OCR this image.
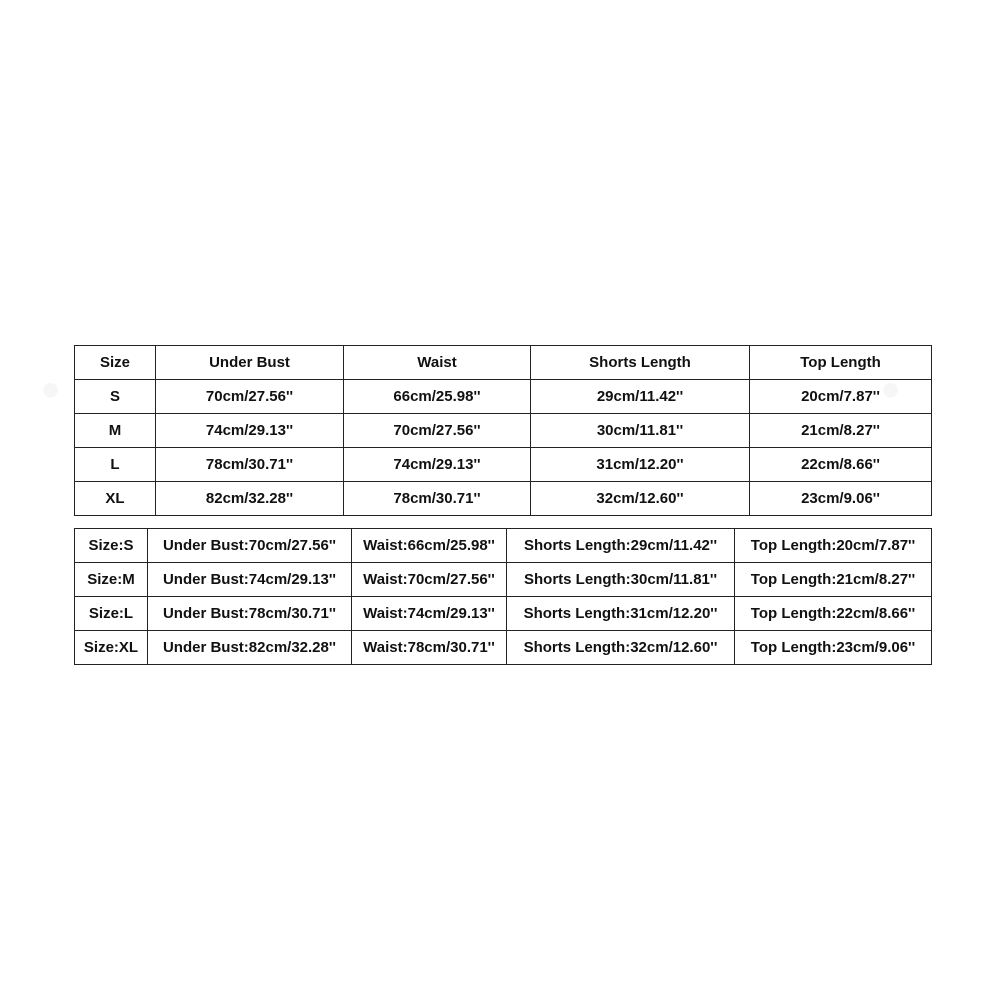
Size	Under Bust	Waist	Shorts Length	Top Length
S	70cm/27.56''	66cm/25.98''	29cm/11.42''	20cm/7.87''
M	74cm/29.13''	70cm/27.56''	30cm/11.81''	21cm/8.27''
L	78cm/30.71''	74cm/29.13''	31cm/12.20''	22cm/8.66''
XL	82cm/32.28''	78cm/30.71''	32cm/12.60''	23cm/9.06''
Size:S	Under Bust:70cm/27.56''	Waist:66cm/25.98''	Shorts Length:29cm/11.42''	Top Length:20cm/7.87''
Size:M	Under Bust:74cm/29.13''	Waist:70cm/27.56''	Shorts Length:30cm/11.81''	Top Length:21cm/8.27''
Size:L	Under Bust:78cm/30.71''	Waist:74cm/29.13''	Shorts Length:31cm/12.20''	Top Length:22cm/8.66''
Size:XL	Under Bust:82cm/32.28''	Waist:78cm/30.71''	Shorts Length:32cm/12.60''	Top Length:23cm/9.06''
